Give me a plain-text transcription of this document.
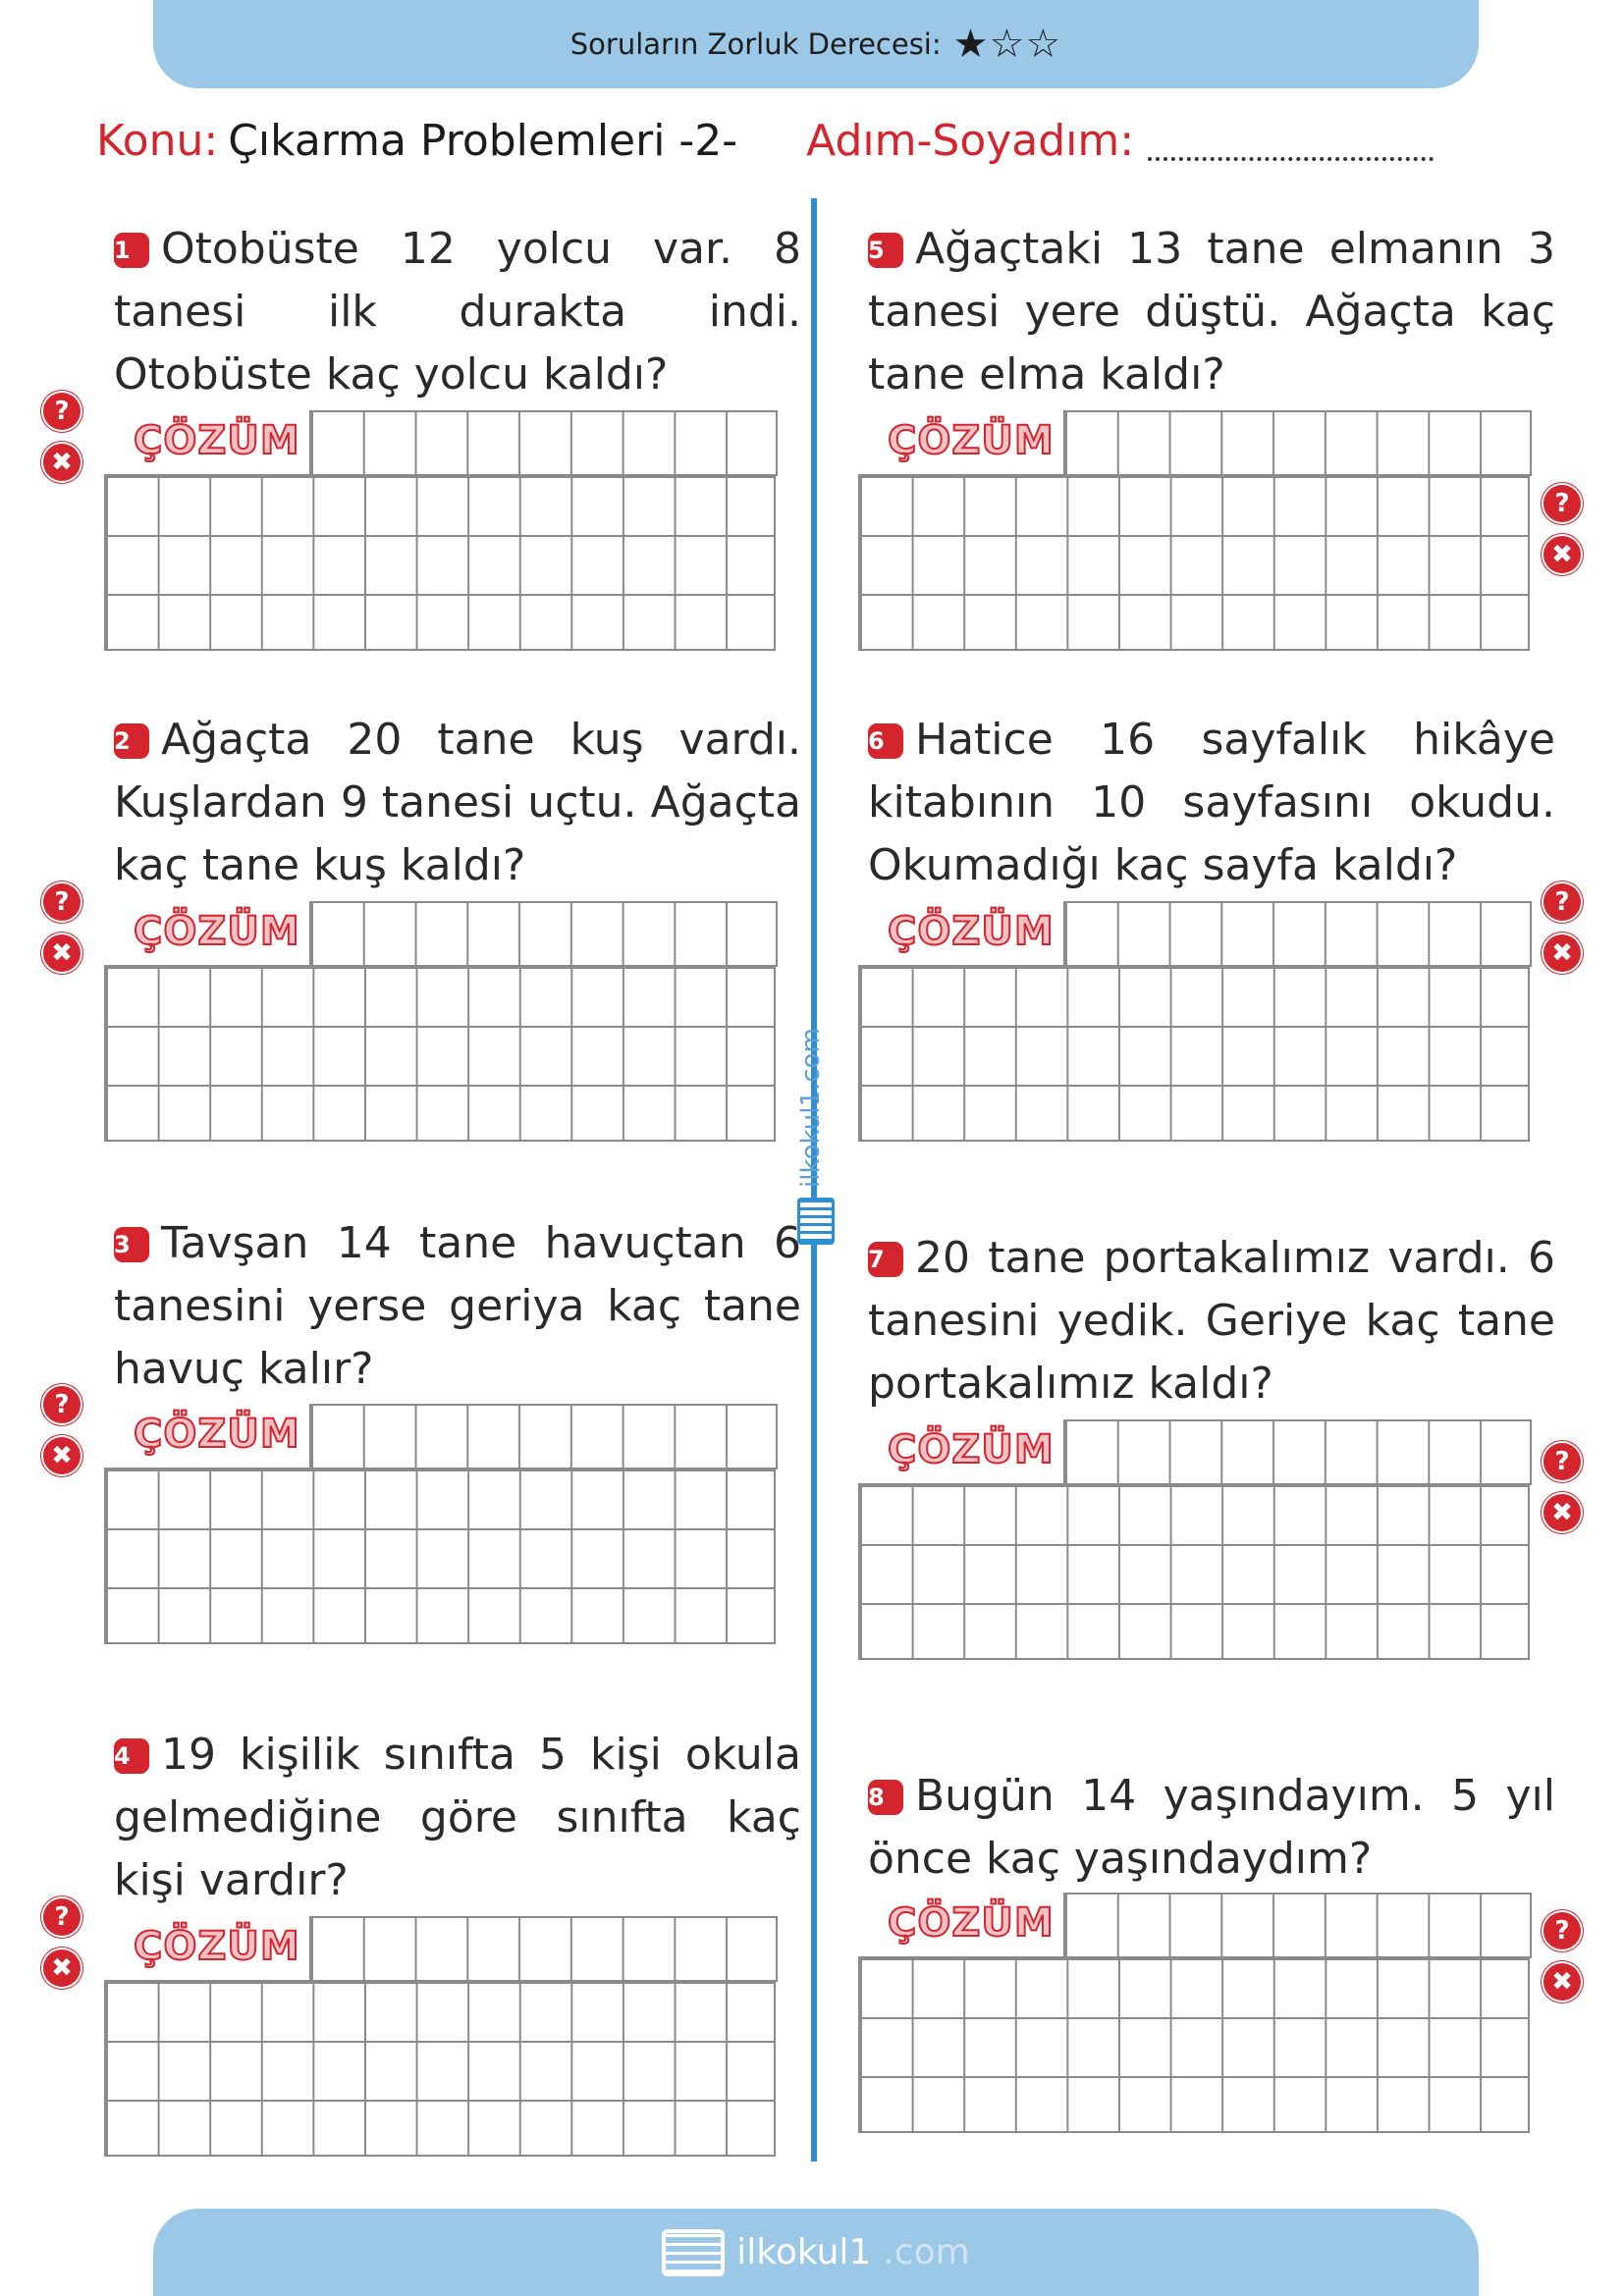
Soruların Zorluk Derecesi: ★☆☆
Konu: Çıkarma Problemleri -2- Adım-Soyadım:
ilkokul1.com
1 Otobüste 12 yolcu var. 8 tanesi ilk durakta indi. Otobüste kaç yolcu kaldı?
ÇÖZÜM
?
✖
2 Ağaçta 20 tane kuş vardı. Kuşlardan 9 tanesi uçtu. Ağaçta kaç tane kuş kaldı?
ÇÖZÜM
?
✖
3 Tavşan 14 tane havuçtan 6 tanesini yerse geriya kaç tane havuç kalır?
ÇÖZÜM
?
✖
4 19 kişilik sınıfta 5 kişi okula gelmediğine göre sınıfta kaç kişi vardır?
ÇÖZÜM
?
✖
5 Ağaçtaki 13 tane elmanın 3 tanesi yere düştü. Ağaçta kaç tane elma kaldı?
ÇÖZÜM
?
✖
6 Hatice 16 sayfalık hikâye kitabının 10 sayfasını okudu. Okumadığı kaç sayfa kaldı?
ÇÖZÜM
?
✖
7 20 tane portakalımız vardı. 6 tanesini yedik. Geriye kaç tane portakalımız kaldı?
ÇÖZÜM	?
✖
8 Bugün 14 yaşındayım. 5 yıl önce kaç yaşındaydım?
ÇÖZÜM	?
✖
ilkokul1 .com
